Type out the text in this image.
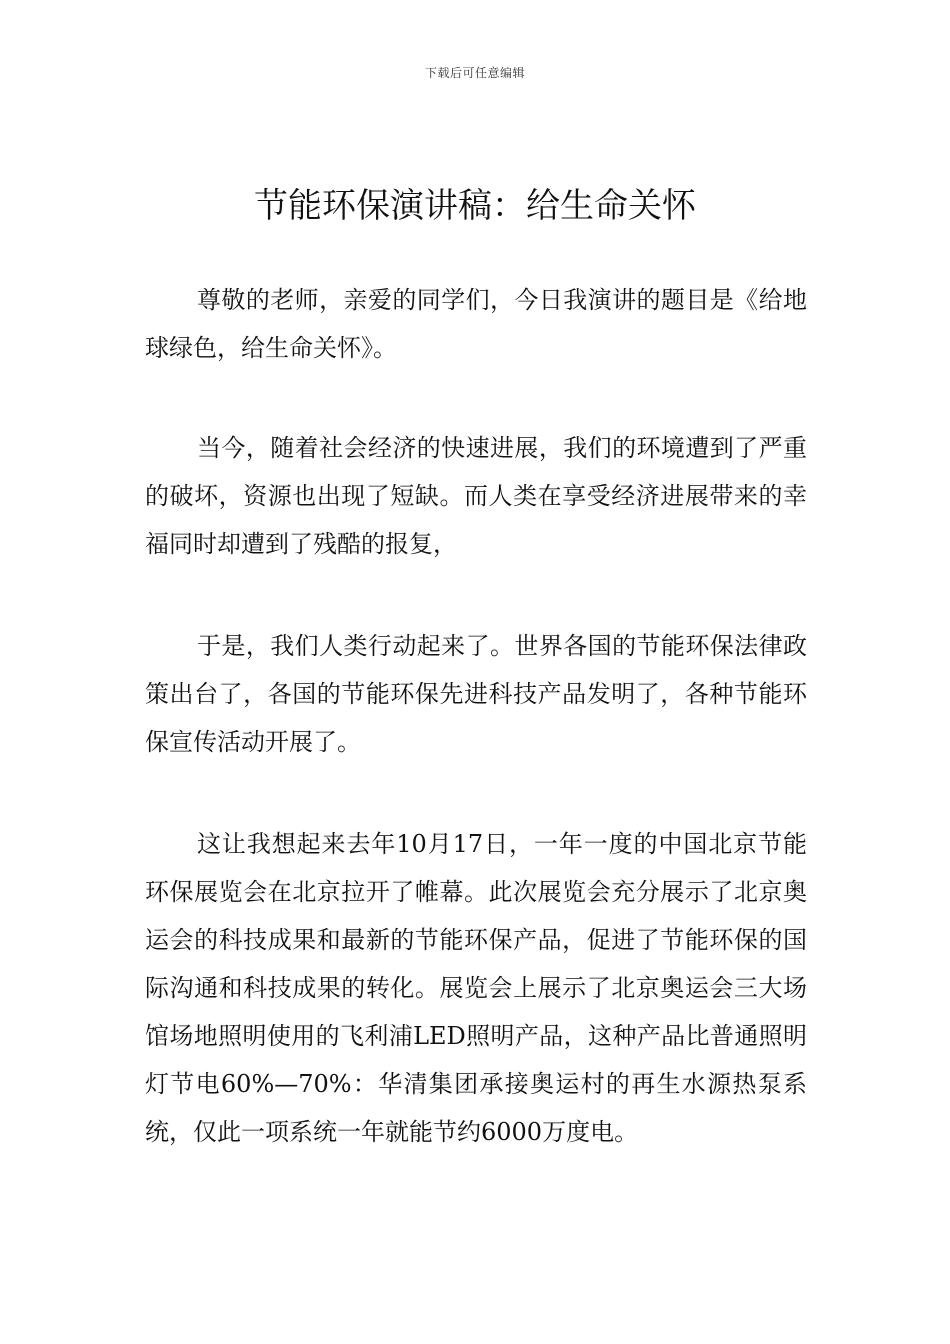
下载后可任意编辑
节能环保演讲稿：给生命关怀

尊敬的老师，亲爱的同学们，今日我演讲的题目是《给地球绿色，给生命关怀》。

当今，随着社会经济的快速进展，我们的环境遭到了严重的破坏，资源也出现了短缺。而人类在享受经济进展带来的幸福同时却遭到了残酷的报复，

于是，我们人类行动起来了。世界各国的节能环保法律政策出台了，各国的节能环保先进科技产品发明了，各种节能环保宣传活动开展了。

这让我想起来去年10月17日，一年一度的中国北京节能环保展览会在北京拉开了帷幕。此次展览会充分展示了北京奥运会的科技成果和最新的节能环保产品，促进了节能环保的国际沟通和科技成果的转化。展览会上展示了北京奥运会三大场馆场地照明使用的飞利浦LED照明产品，这种产品比普通照明灯节电60%—70%：华清集团承接奥运村的再生水源热泵系统，仅此一项系统一年就能节约6000万度电。
